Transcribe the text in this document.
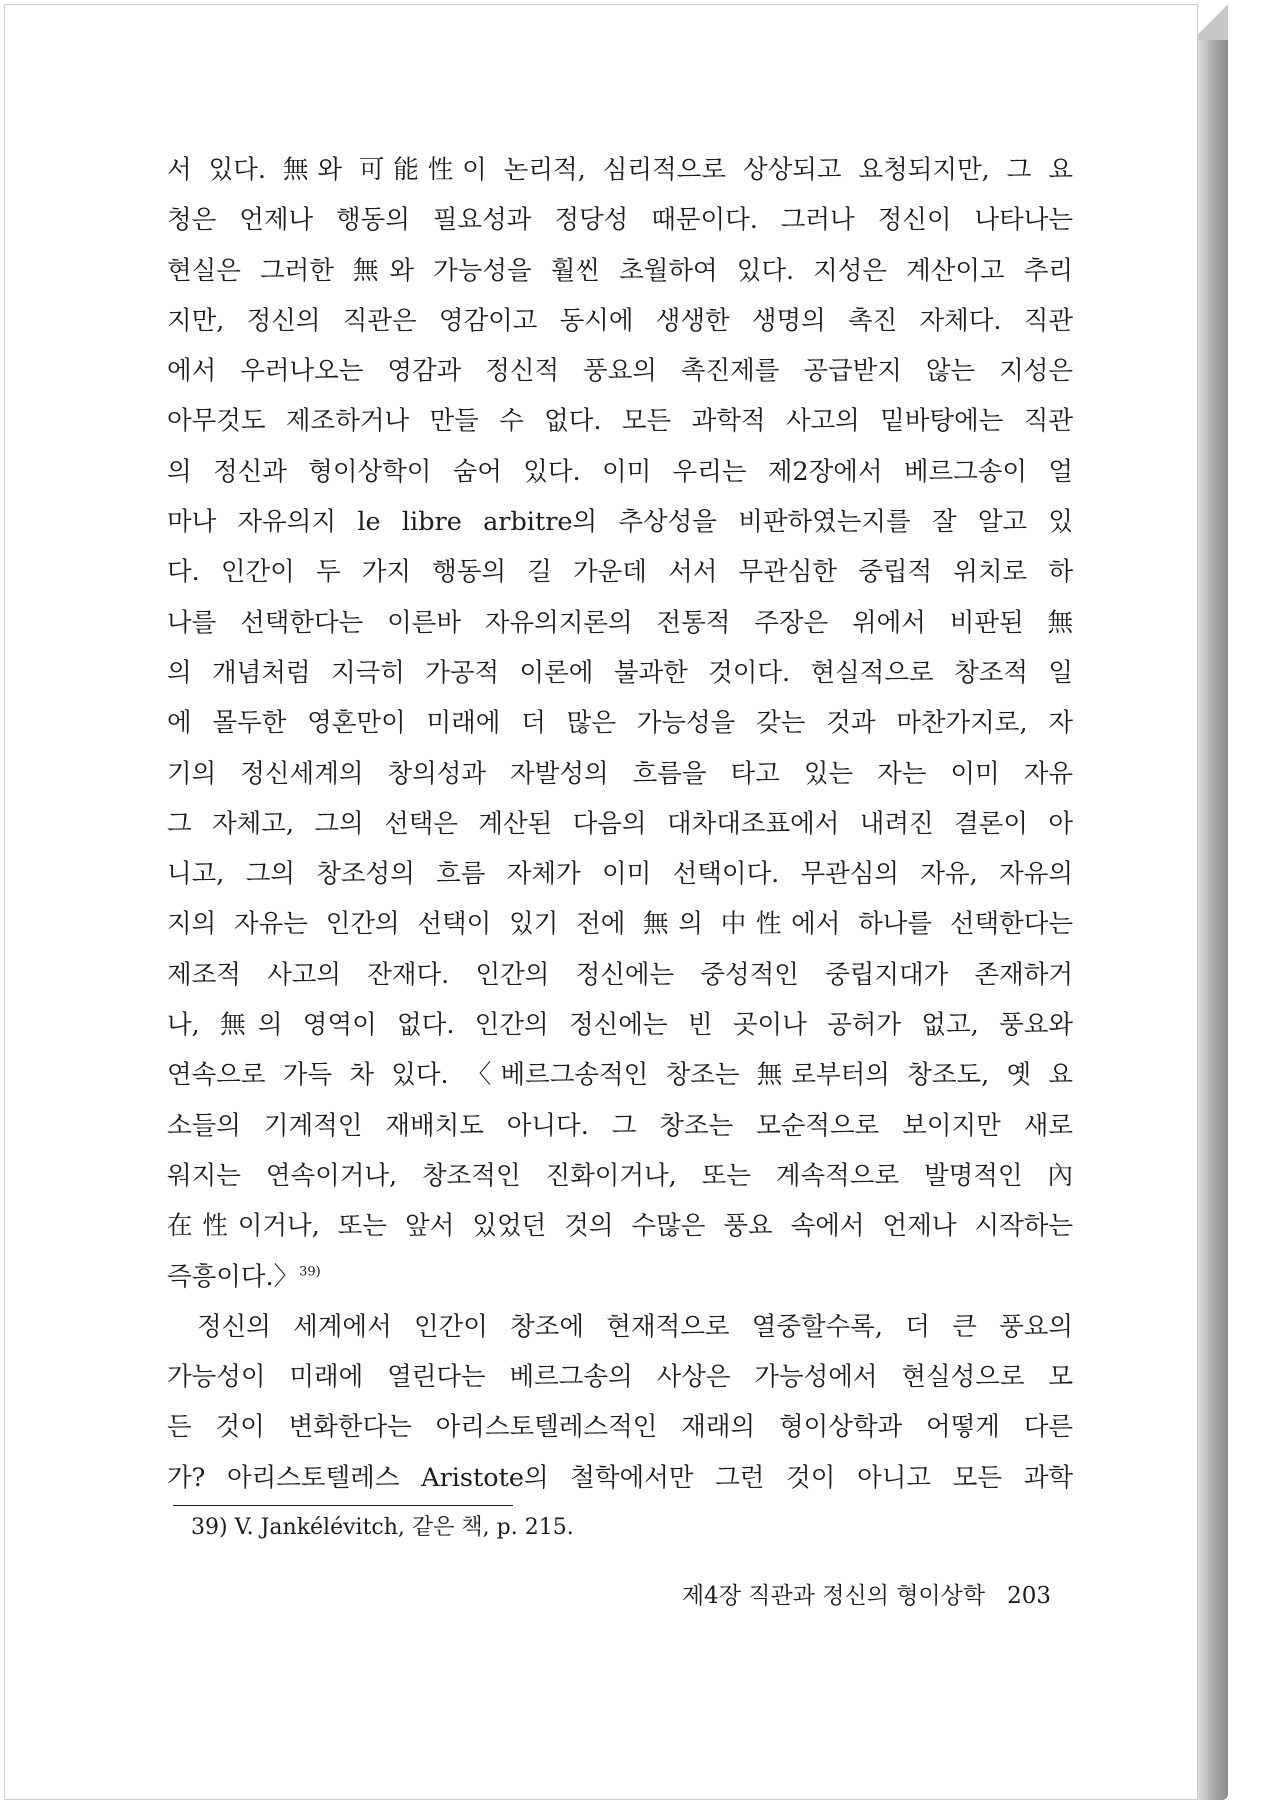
서 있다. 無와 可能性이 논리적, 심리적으로 상상되고 요청되지만, 그 요
청은 언제나 행동의 필요성과 정당성 때문이다. 그러나 정신이 나타나는
현실은 그러한 無와 가능성을 훨씬 초월하여 있다. 지성은 계산이고 추리
지만, 정신의 직관은 영감이고 동시에 생생한 생명의 촉진 자체다. 직관
에서 우러나오는 영감과 정신적 풍요의 촉진제를 공급받지 않는 지성은
아무것도 제조하거나 만들 수 없다. 모든 과학적 사고의 밑바탕에는 직관
의 정신과 형이상학이 숨어 있다. 이미 우리는 제2장에서 베르그송이 얼
마나 자유의지 le libre arbitre의 추상성을 비판하였는지를 잘 알고 있
다. 인간이 두 가지 행동의 길 가운데 서서 무관심한 중립적 위치로 하
나를 선택한다는 이른바 자유의지론의 전통적 주장은 위에서 비판된 無
의 개념처럼 지극히 가공적 이론에 불과한 것이다. 현실적으로 창조적 일
에 몰두한 영혼만이 미래에 더 많은 가능성을 갖는 것과 마찬가지로, 자
기의 정신세계의 창의성과 자발성의 흐름을 타고 있는 자는 이미 자유
그 자체고, 그의 선택은 계산된 다음의 대차대조표에서 내려진 결론이 아
니고, 그의 창조성의 흐름 자체가 이미 선택이다. 무관심의 자유, 자유의
지의 자유는 인간의 선택이 있기 전에 無의 中性에서 하나를 선택한다는
제조적 사고의 잔재다. 인간의 정신에는 중성적인 중립지대가 존재하거
나, 無의 영역이 없다. 인간의 정신에는 빈 곳이나 공허가 없고, 풍요와
연속으로 가득 차 있다. 〈베르그송적인 창조는 無로부터의 창조도, 옛 요
소들의 기계적인 재배치도 아니다. 그 창조는 모순적으로 보이지만 새로
워지는 연속이거나, 창조적인 진화이거나, 또는 계속적으로 발명적인 內
在性이거나, 또는 앞서 있었던 것의 수많은 풍요 속에서 언제나 시작하는
즉흥이다.〉$^{39)}$
정신의 세계에서 인간이 창조에 현재적으로 열중할수록, 더 큰 풍요의
가능성이 미래에 열린다는 베르그송의 사상은 가능성에서 현실성으로 모
든 것이 변화한다는 아리스토텔레스적인 재래의 형이상학과 어떻게 다른
가? 아리스토텔레스 Aristote의 철학에서만 그런 것이 아니고 모든 과학
39) V. Jankélévitch, 같은 책, p. 215.
제4장 직관과 정신의 형이상학 203
